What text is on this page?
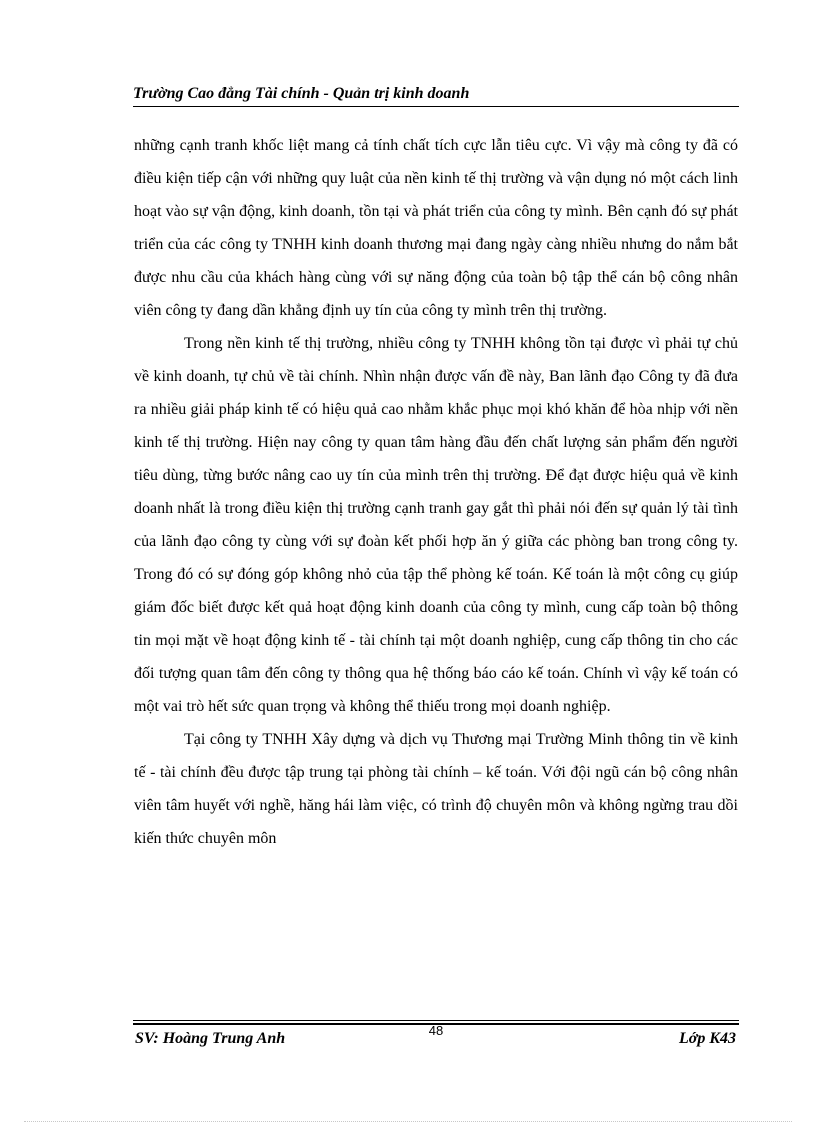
Trường Cao đẳng Tài chính - Quản trị kinh doanh

những cạnh tranh khốc liệt mang cả tính chất tích cực lẫn tiêu cực. Vì vậy mà công ty đã có điều kiện tiếp cận với những quy luật của nền kinh tế thị trường và vận dụng nó một cách linh hoạt vào sự vận động, kinh doanh, tồn tại và phát triển của công ty mình. Bên cạnh đó sự phát triển của các công ty TNHH kinh doanh thương mại đang ngày càng nhiều nhưng do nắm bắt được nhu cầu của khách hàng cùng với sự năng động của toàn bộ tập thể cán bộ công nhân viên công ty đang dần khẳng định uy tín của công ty mình trên thị trường.

Trong nền kinh tế thị trường, nhiều công ty TNHH không tồn tại được vì phải tự chủ về kinh doanh, tự chủ về tài chính. Nhìn nhận được vấn đề này, Ban lãnh đạo Công ty đã đưa ra nhiều giải pháp kinh tế có hiệu quả cao nhằm khắc phục mọi khó khăn để hòa nhịp với nền kinh tế thị trường. Hiện nay công ty quan tâm hàng đầu đến chất lượng sản phẩm đến người tiêu dùng, từng bước nâng cao uy tín của mình trên thị trường. Để đạt được hiệu quả về kinh doanh nhất là trong điều kiện thị trường cạnh tranh gay gắt thì phải nói đến sự quản lý tài tình của lãnh đạo công ty cùng với sự đoàn kết phối hợp ăn ý giữa các phòng ban trong công ty. Trong đó có sự đóng góp không nhỏ của tập thể phòng kế toán. Kế toán là một công cụ giúp giám đốc biết được kết quả hoạt động kinh doanh của công ty mình, cung cấp toàn bộ thông tin mọi mặt về hoạt động kinh tế - tài chính tại một doanh nghiệp, cung cấp thông tin cho các đối tượng quan tâm đến công ty thông qua hệ thống báo cáo kế toán. Chính vì vậy kế toán có một vai trò hết sức quan trọng và không thể thiếu trong mọi doanh nghiệp.

Tại công ty TNHH Xây dựng và dịch vụ Thương mại Trường Minh thông tin về kinh tế - tài chính đều được tập trung tại phòng tài chính – kế toán. Với đội ngũ cán bộ công nhân viên tâm huyết với nghề, hăng hái làm việc, có trình độ chuyên môn và không ngừng trau dồi kiến thức chuyên môn

SV: Hoàng Trung Anh	48	Lớp K43
